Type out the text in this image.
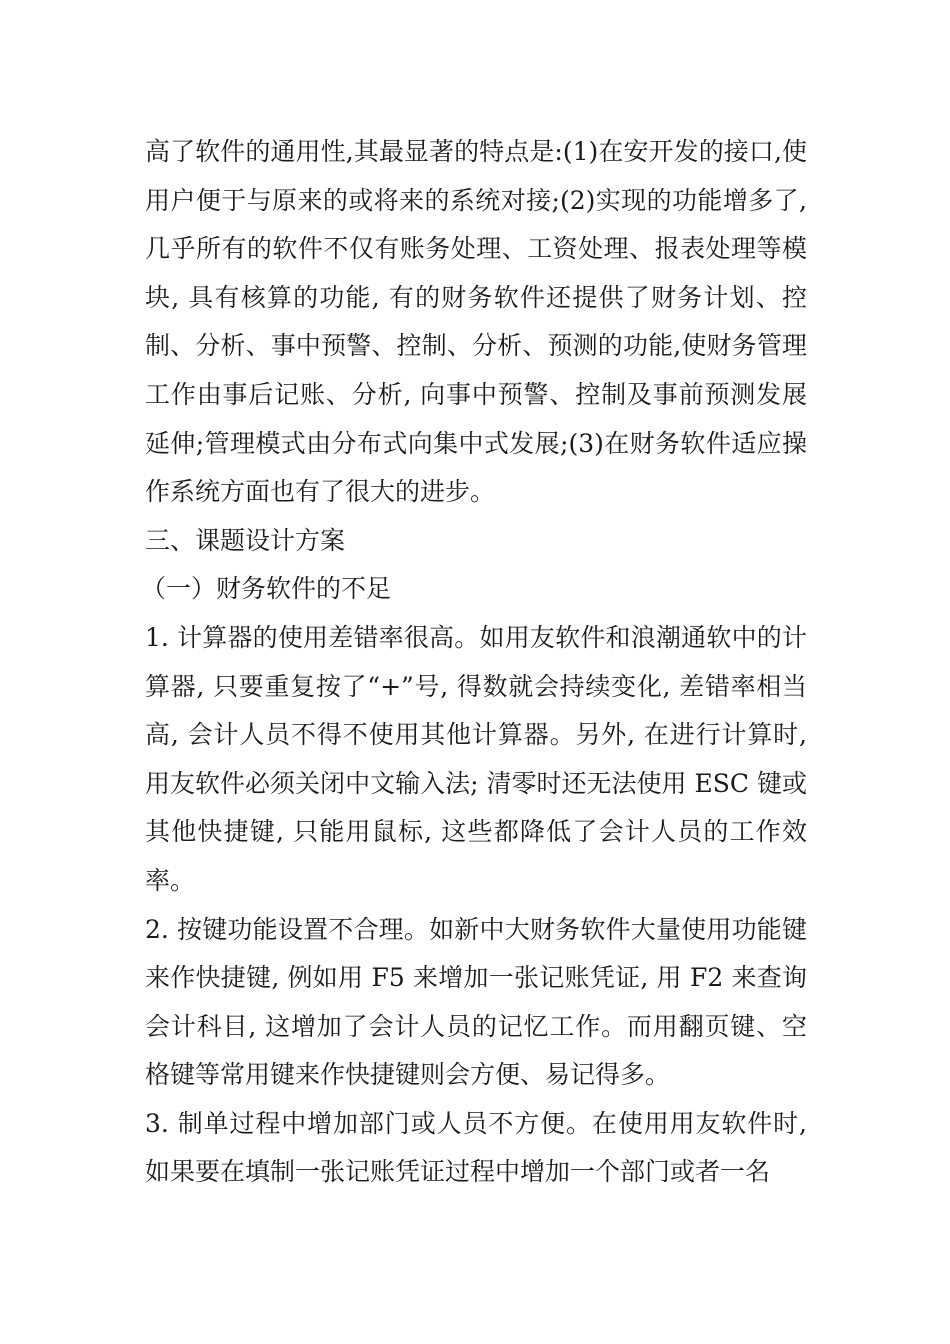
高了软件的通用性,其最显著的特点是:(1)在安开发的接口,使用户便于与原来的或将来的系统对接;(2)实现的功能增多了,几乎所有的软件不仅有账务处理、工资处理、报表处理等模块, 具有核算的功能, 有的财务软件还提供了财务计划、控制、分析、事中预警、控制、分析、预测的功能,使财务管理工作由事后记账、分析, 向事中预警、控制及事前预测发展延伸;管理模式由分布式向集中式发展;(3)在财务软件适应操作系统方面也有了很大的进步。

三、课题设计方案

（一）财务软件的不足

1. 计算器的使用差错率很高。如用友软件和浪潮通软中的计算器, 只要重复按了“+”号, 得数就会持续变化, 差错率相当高, 会计人员不得不使用其他计算器。另外, 在进行计算时, 用友软件必须关闭中文输入法; 清零时还无法使用 ESC 键或其他快捷键, 只能用鼠标, 这些都降低了会计人员的工作效率。

2. 按键功能设置不合理。如新中大财务软件大量使用功能键来作快捷键, 例如用 F5 来增加一张记账凭证, 用 F2 来查询会计科目, 这增加了会计人员的记忆工作。而用翻页键、空格键等常用键来作快捷键则会方便、易记得多。

3. 制单过程中增加部门或人员不方便。在使用用友软件时, 如果要在填制一张记账凭证过程中增加一个部门或者一名
